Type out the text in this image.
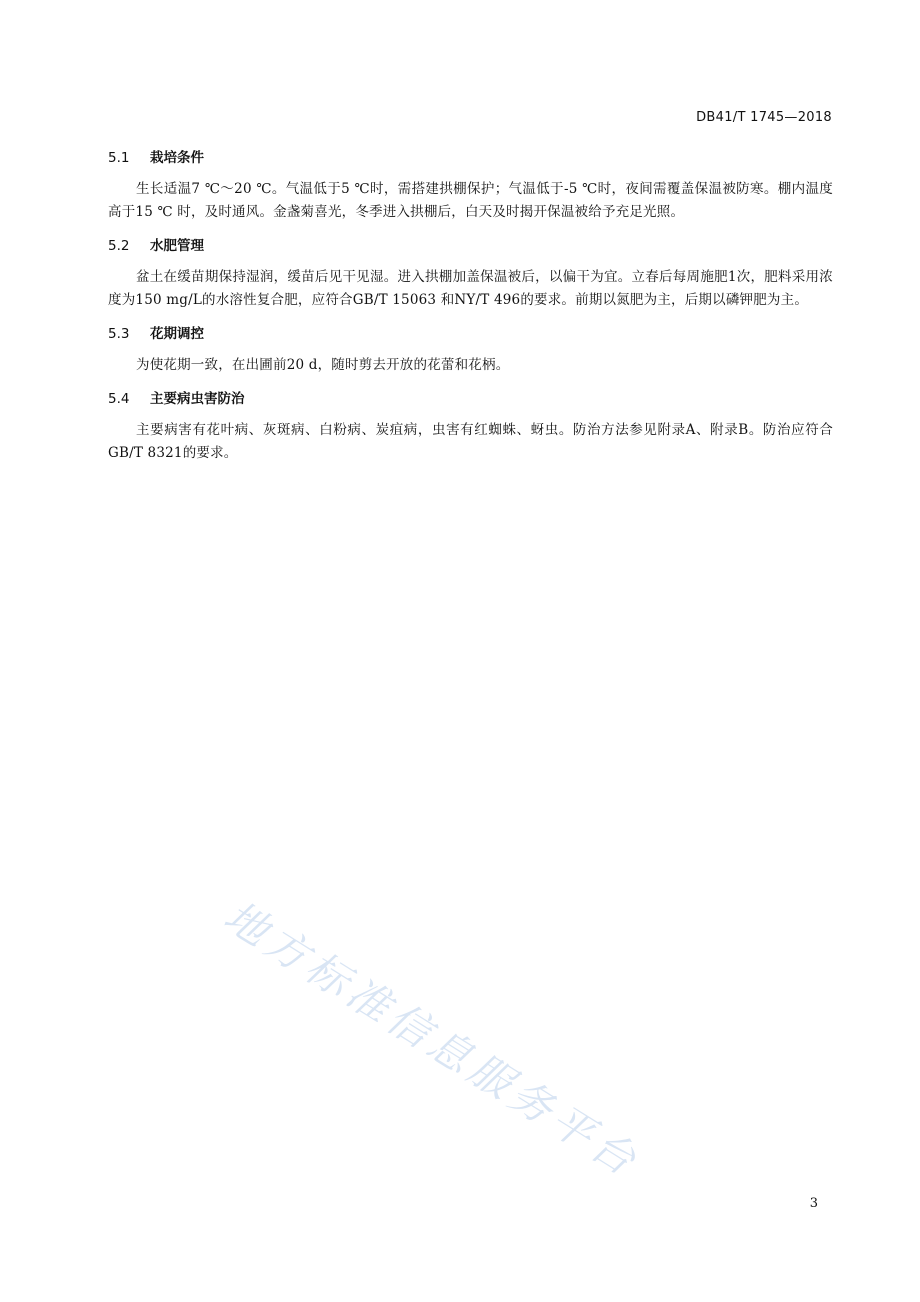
DB41/T 1745—2018
5.1 栽培条件

生长适温7 ℃～20 ℃。气温低于5 ℃时，需搭建拱棚保护；气温低于-5 ℃时，夜间需覆盖保温被防寒。棚内温度高于15 ℃ 时，及时通风。金盏菊喜光，冬季进入拱棚后，白天及时揭开保温被给予充足光照。

5.2 水肥管理

盆土在缓苗期保持湿润，缓苗后见干见湿。进入拱棚加盖保温被后，以偏干为宜。立春后每周施肥1次，肥料采用浓度为150 mg/L的水溶性复合肥，应符合GB/T 15063 和NY/T 496的要求。前期以氮肥为主，后期以磷钾肥为主。

5.3 花期调控

为使花期一致，在出圃前20 d，随时剪去开放的花蕾和花柄。

5.4 主要病虫害防治

主要病害有花叶病、灰斑病、白粉病、炭疽病，虫害有红蜘蛛、蚜虫。防治方法参见附录A、附录B。防治应符合GB/T 8321的要求。

地方标准信息服务平台
3
